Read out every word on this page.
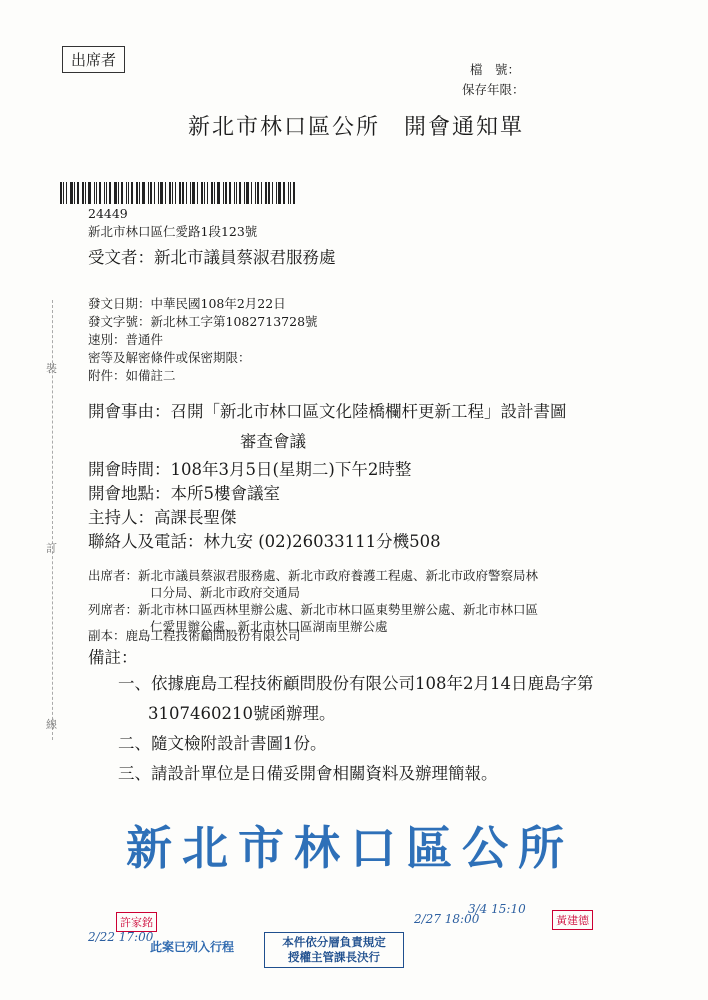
出席者
檔　號：
保存年限：
新北市林口區公所　開會通知單
24449
新北市林口區仁愛路1段123號
受文者：新北市議員蔡淑君服務處
發文日期：中華民國108年2月22日
發文字號：新北林工字第1082713728號
速別：普通件
密等及解密條件或保密期限：
附件：如備註二
裝
訂
線
開會事由：召開「新北市林口區文化陸橋欄杆更新工程」設計書圖
審查會議
開會時間：108年3月5日(星期二)下午2時整
開會地點：本所5樓會議室
主持人：高課長聖傑
聯絡人及電話：林九安 (02)26033111分機508
出席者：新北市議員蔡淑君服務處、新北市政府養護工程處、新北市政府警察局林
口分局、新北市政府交通局
列席者：新北市林口區西林里辦公處、新北市林口區東勢里辦公處、新北市林口區
仁愛里辦公處、新北市林口區湖南里辦公處
副本：鹿島工程技術顧問股份有限公司
備註：
一、依據鹿島工程技術顧問股份有限公司108年2月14日鹿島字第
3107460210號函辦理。
二、隨文檢附設計書圖1份。
三、請設計單位是日備妥開會相關資料及辦理簡報。
新北市林口區公所
2/22 17:00
許家銘
此案已列入行程	本件依分層負責規定
授權主管課長決行
2/27 18:00
3/4 15:10
黃建德
